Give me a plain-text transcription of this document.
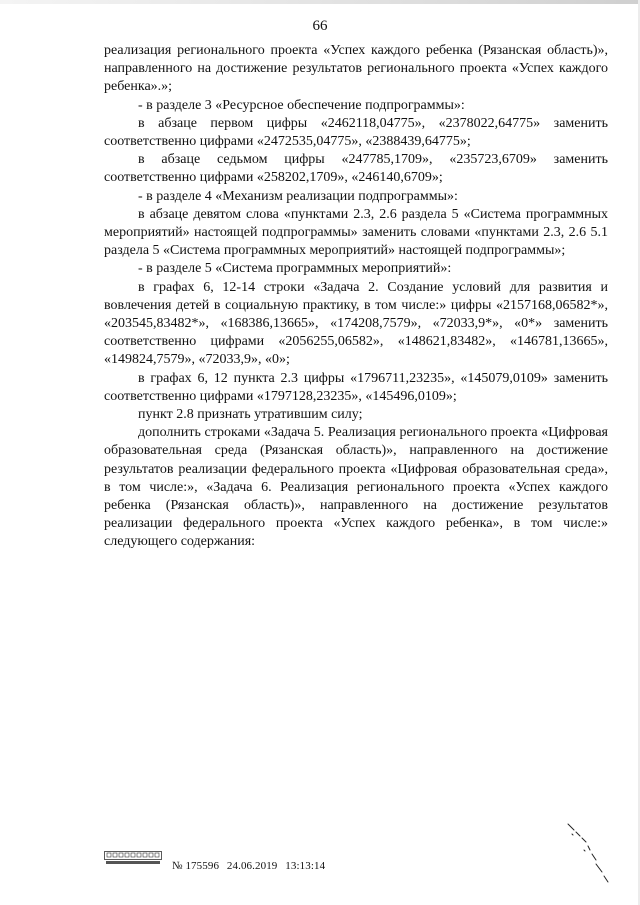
66

реализация регионального проекта «Успех каждого ребенка (Рязанская область)», направленного на достижение результатов регионального проекта «Успех каждого ребенка».»;

- в разделе 3 «Ресурсное обеспечение подпрограммы»:

в абзаце первом цифры «2462118,04775», «2378022,64775» заменить соответственно цифрами «2472535,04775», «2388439,64775»;

в абзаце седьмом цифры «247785,1709», «235723,6709» заменить соответственно цифрами «258202,1709», «246140,6709»;

- в разделе 4 «Механизм реализации подпрограммы»:

в абзаце девятом слова «пунктами 2.3, 2.6 раздела 5 «Система программных мероприятий» настоящей подпрограммы» заменить словами «пунктами 2.3, 2.6 5.1 раздела 5 «Система программных мероприятий» настоящей подпрограммы»;

- в разделе 5 «Система программных мероприятий»:

в графах 6, 12-14 строки «Задача 2. Создание условий для развития и вовлечения детей в социальную практику, в том числе:» цифры «2157168,06582*», «203545,83482*», «168386,13665», «174208,7579», «72033,9*», «0*» заменить соответственно цифрами «2056255,06582», «148621,83482», «146781,13665», «149824,7579», «72033,9», «0»;

в графах 6, 12 пункта 2.3 цифры «1796711,23235», «145079,0109» заменить соответственно цифрами «1797128,23235», «145496,0109»;

пункт 2.8 признать утратившим силу;

дополнить строками «Задача 5. Реализация регионального проекта «Цифровая образовательная среда (Рязанская область)», направленного на достижение результатов реализации федерального проекта «Цифровая образовательная среда», в том числе:», «Задача 6. Реализация регионального проекта «Успех каждого ребенка (Рязанская область)», направленного на достижение результатов реализации федерального проекта «Успех каждого ребенка», в том числе:» следующего содержания:

№ 175596 24.06.2019 13:13:14
